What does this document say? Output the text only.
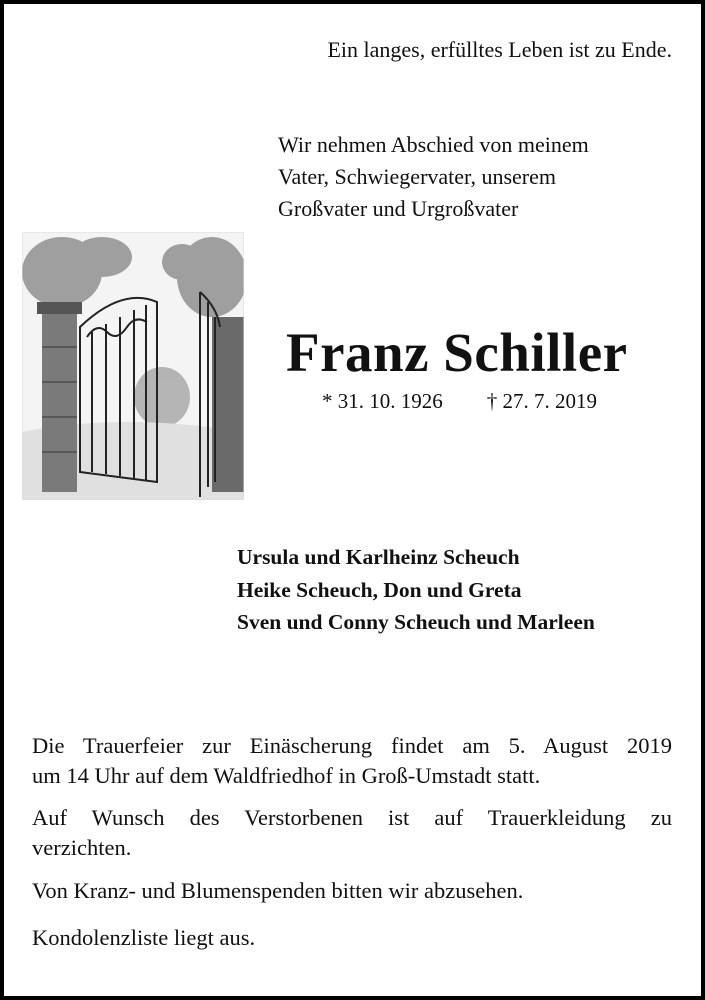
Ein langes, erfülltes Leben ist zu Ende.
Wir nehmen Abschied von meinem
Vater, Schwiegervater, unserem
Großvater und Urgroßvater
Franz Schiller
* 31. 10. 1926 † 27. 7. 2019
Ursula und Karlheinz Scheuch
Heike Scheuch, Don und Greta
Sven und Conny Scheuch und Marleen
Die Trauerfeier zur Einäscherung findet am 5. August 2019
um 14 Uhr auf dem Waldfriedhof in Groß-Umstadt statt.
Auf Wunsch des Verstorbenen ist auf Trauerkleidung zu
verzichten.
Von Kranz- und Blumenspenden bitten wir abzusehen.
Kondolenzliste liegt aus.
